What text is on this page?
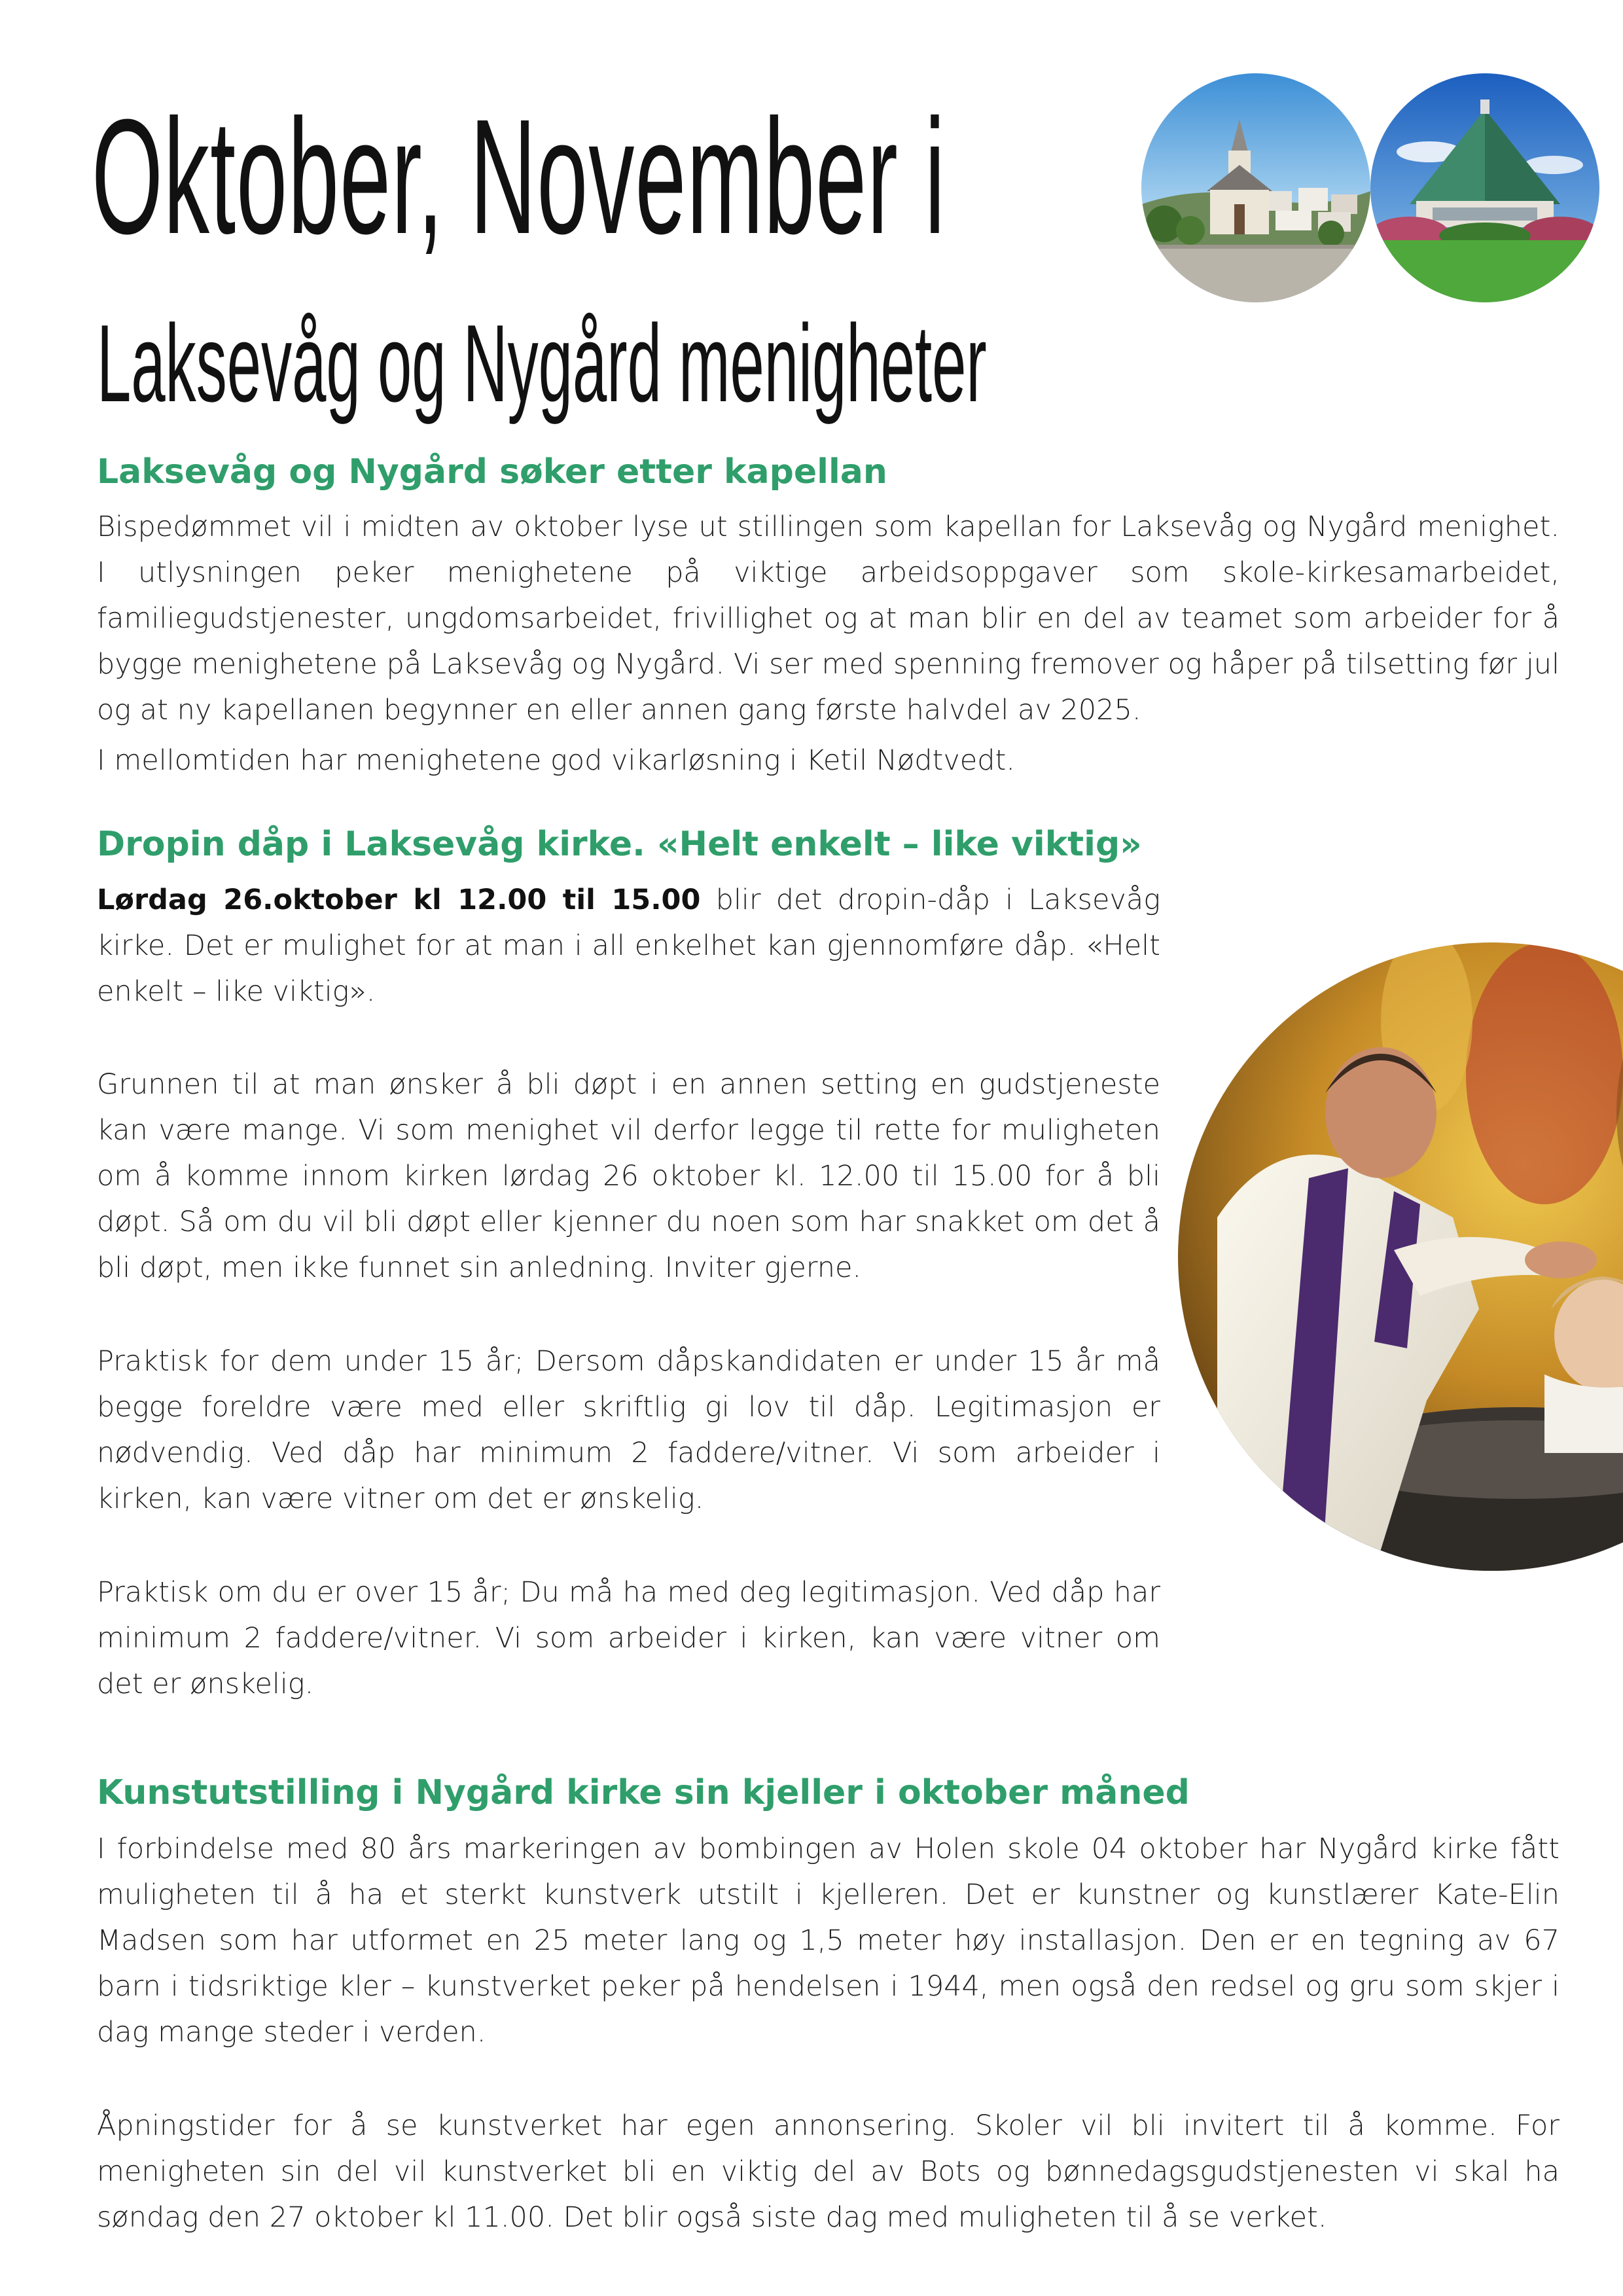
Oktober, November i
Laksevåg og Nygård menigheter
Laksevåg og Nygård søker etter kapellan

Bispedømmet vil i midten av oktober lyse ut stillingen som kapellan for Laksevåg og Nygård menighet. I utlysningen peker menighetene på viktige arbeidsoppgaver som skole-kirkesamarbeidet, familiegudstjenester, ungdomsarbeidet, frivillighet og at man blir en del av teamet som arbeider for å bygge menighetene på Laksevåg og Nygård. Vi ser med spenning fremover og håper på tilsetting før jul og at ny kapellanen begynner en eller annen gang første halvdel av 2025.

I mellomtiden har menighetene god vikarløsning i Ketil Nødtvedt.

Dropin dåp i Laksevåg kirke. «Helt enkelt – like viktig»

Lørdag 26.oktober kl 12.00 til 15.00 blir det dropin-dåp i Laksevåg kirke. Det er mulighet for at man i all enkelhet kan gjennomføre dåp. «Helt enkelt – like viktig».

Grunnen til at man ønsker å bli døpt i en annen setting en gudstjeneste kan være mange. Vi som menighet vil derfor legge til rette for muligheten om å komme innom kirken lørdag 26 oktober kl. 12.00 til 15.00 for å bli døpt. Så om du vil bli døpt eller kjenner du noen som har snakket om det å bli døpt, men ikke funnet sin anledning. Inviter gjerne.

Praktisk for dem under 15 år; Dersom dåpskandidaten er under 15 år må begge foreldre være med eller skriftlig gi lov til dåp. Legitimasjon er nødvendig. Ved dåp har minimum 2 faddere/vitner. Vi som arbeider i kirken, kan være vitner om det er ønskelig.

Praktisk om du er over 15 år; Du må ha med deg legitimasjon. Ved dåp har minimum 2 faddere/vitner. Vi som arbeider i kirken, kan være vitner om det er ønskelig.

Kunstutstilling i Nygård kirke sin kjeller i oktober måned

I forbindelse med 80 års markeringen av bombingen av Holen skole 04 oktober har Nygård kirke fått muligheten til å ha et sterkt kunstverk utstilt i kjelleren. Det er kunstner og kunstlærer Kate-Elin Madsen som har utformet en 25 meter lang og 1,5 meter høy installasjon. Den er en tegning av 67 barn i tidsriktige kler – kunstverket peker på hendelsen i 1944, men også den redsel og gru som skjer i dag mange steder i verden.

Åpningstider for å se kunstverket har egen annonsering. Skoler vil bli invitert til å komme. For menigheten sin del vil kunstverket bli en viktig del av Bots og bønnedagsgudstjenesten vi skal ha søndag den 27 oktober kl 11.00. Det blir også siste dag med muligheten til å se verket.
